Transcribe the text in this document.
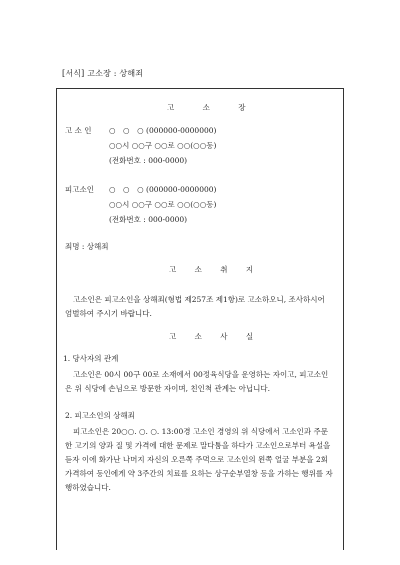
[서식] 고소장 : 상해죄
고 소 장
고 소 인 ○　○　○ (000000-0000000)
○○시 ○○구 ○○로 ○○(○○동)
(전화번호 : 000-0000)
피고소인 ○　○　○ (000000-0000000)
○○시 ○○구 ○○로 ○○(○○동)
(전화번호 : 000-0000)
죄명 : 상해죄
고 소 취 지
고소인은 피고소인을 상해죄(형법 제257조 제1항)로 고소하오니, 조사하시어 엄벌하여 주시기 바랍니다.
고 소 사 실
1. 당사자의 관계
고소인은 00시 00구 00로 소재에서 00정육식당을 운영하는 자이고, 피고소인은 위 식당에 손님으로 방문한 자이며, 친인척 관계는 아닙니다.
2. 피고소인의 상해죄
피고소인은 20○○. ○. ○. 13:00경 고소인 경영의 위 식당에서 고소인과 주문한 고기의 양과 질 및 가격에 대한 문제로 말다툼을 하다가 고소인으로부터 욕설을 듣자 이에 화가난 나머지 자신의 오른쪽 주먹으로 고소인의 왼쪽 얼굴 부분을 2회 가격하여 동인에게 약 3주간의 치료를 요하는 상구순부열창 등을 가하는 행위를 자행하였습니다.
